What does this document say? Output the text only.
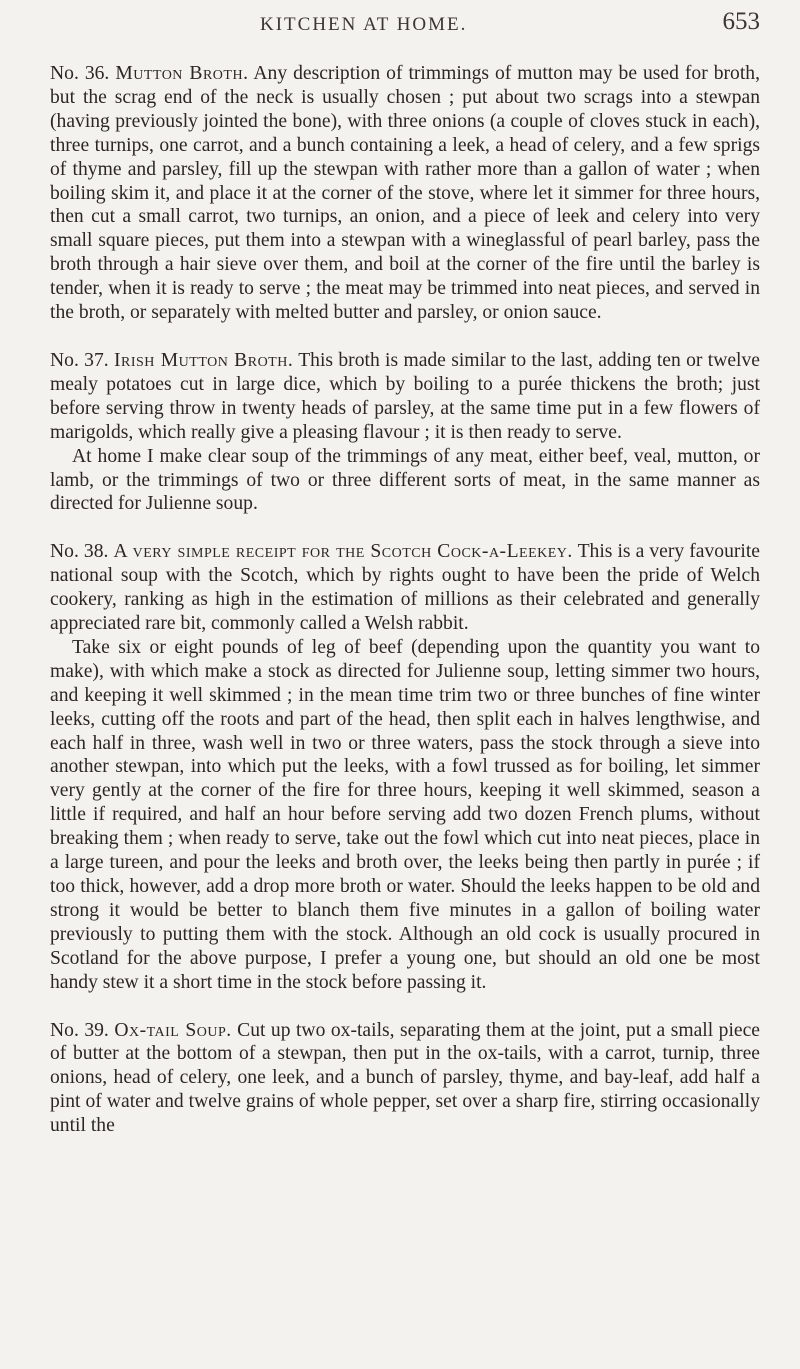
KITCHEN AT HOME.	653

No. 36. Mutton Broth. Any description of trimmings of mutton may be used for broth, but the scrag end of the neck is usually chosen ; put about two scrags into a stewpan (having previously jointed the bone), with three onions (a couple of cloves stuck in each), three turnips, one carrot, and a bunch containing a leek, a head of celery, and a few sprigs of thyme and parsley, fill up the stewpan with rather more than a gallon of water ; when boiling skim it, and place it at the corner of the stove, where let it simmer for three hours, then cut a small carrot, two turnips, an onion, and a piece of leek and celery into very small square pieces, put them into a stewpan with a wineglassful of pearl barley, pass the broth through a hair sieve over them, and boil at the corner of the fire until the barley is tender, when it is ready to serve ; the meat may be trimmed into neat pieces, and served in the broth, or separately with melted butter and parsley, or onion sauce.

No. 37. Irish Mutton Broth. This broth is made similar to the last, adding ten or twelve mealy potatoes cut in large dice, which by boiling to a purée thickens the broth; just before serving throw in twenty heads of parsley, at the same time put in a few flowers of marigolds, which really give a pleasing flavour ; it is then ready to serve.

At home I make clear soup of the trimmings of any meat, either beef, veal, mutton, or lamb, or the trimmings of two or three different sorts of meat, in the same manner as directed for Julienne soup.

No. 38. A very simple receipt for the Scotch Cock-a-Leekey. This is a very favourite national soup with the Scotch, which by rights ought to have been the pride of Welch cookery, ranking as high in the estimation of millions as their celebrated and generally appreciated rare bit, commonly called a Welsh rabbit.

Take six or eight pounds of leg of beef (depending upon the quantity you want to make), with which make a stock as directed for Julienne soup, letting simmer two hours, and keeping it well skimmed ; in the mean time trim two or three bunches of fine winter leeks, cutting off the roots and part of the head, then split each in halves lengthwise, and each half in three, wash well in two or three waters, pass the stock through a sieve into another stewpan, into which put the leeks, with a fowl trussed as for boiling, let simmer very gently at the corner of the fire for three hours, keeping it well skimmed, season a little if required, and half an hour before serving add two dozen French plums, without breaking them ; when ready to serve, take out the fowl which cut into neat pieces, place in a large tureen, and pour the leeks and broth over, the leeks being then partly in purée ; if too thick, however, add a drop more broth or water. Should the leeks happen to be old and strong it would be better to blanch them five minutes in a gallon of boiling water previously to putting them with the stock. Although an old cock is usually procured in Scotland for the above purpose, I prefer a young one, but should an old one be most handy stew it a short time in the stock before passing it.

No. 39. Ox-tail Soup. Cut up two ox-tails, separating them at the joint, put a small piece of butter at the bottom of a stewpan, then put in the ox-tails, with a carrot, turnip, three onions, head of celery, one leek, and a bunch of parsley, thyme, and bay-leaf, add half a pint of water and twelve grains of whole pepper, set over a sharp fire, stirring occasionally until the
